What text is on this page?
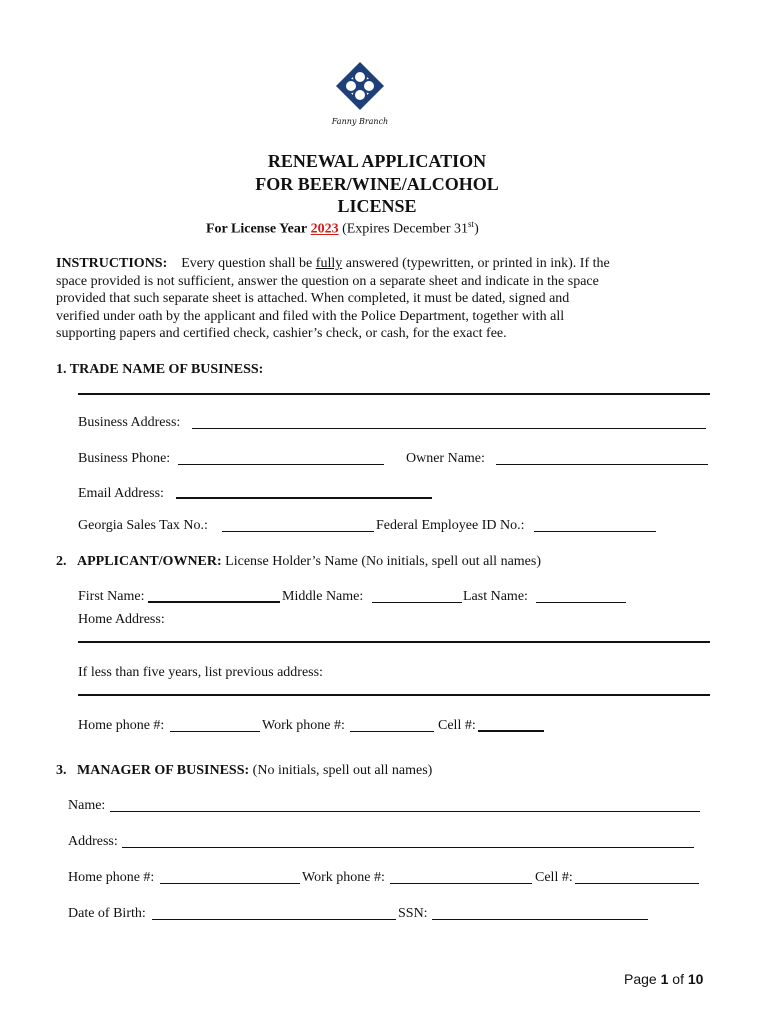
Fanny Branch
RENEWAL APPLICATION
FOR BEER/WINE/ALCOHOL
LICENSE
For License Year 2023 (Expires December 31st)
INSTRUCTIONS: Every question shall be fully answered (typewritten, or printed in ink). If the
space provided is not sufficient, answer the question on a separate sheet and indicate in the space
provided that such separate sheet is attached. When completed, it must be dated, signed and
verified under oath by the applicant and filed with the Police Department, together with all
supporting papers and certified check, cashier’s check, or cash, for the exact fee.
1. TRADE NAME OF BUSINESS:
Business Address:
Business Phone:	Owner Name:
Email Address:
Georgia Sales Tax No.:	Federal Employee ID No.:
2. APPLICANT/OWNER: License Holder’s Name (No initials, spell out all names)
First Name:	Middle Name:	Last Name:
Home Address:
If less than five years, list previous address:
Home phone #:	Work phone #:	Cell #:
3. MANAGER OF BUSINESS: (No initials, spell out all names)
Name:
Address:
Home phone #:	Work phone #:	Cell #:
Date of Birth:	SSN:
Page 1 of 10
